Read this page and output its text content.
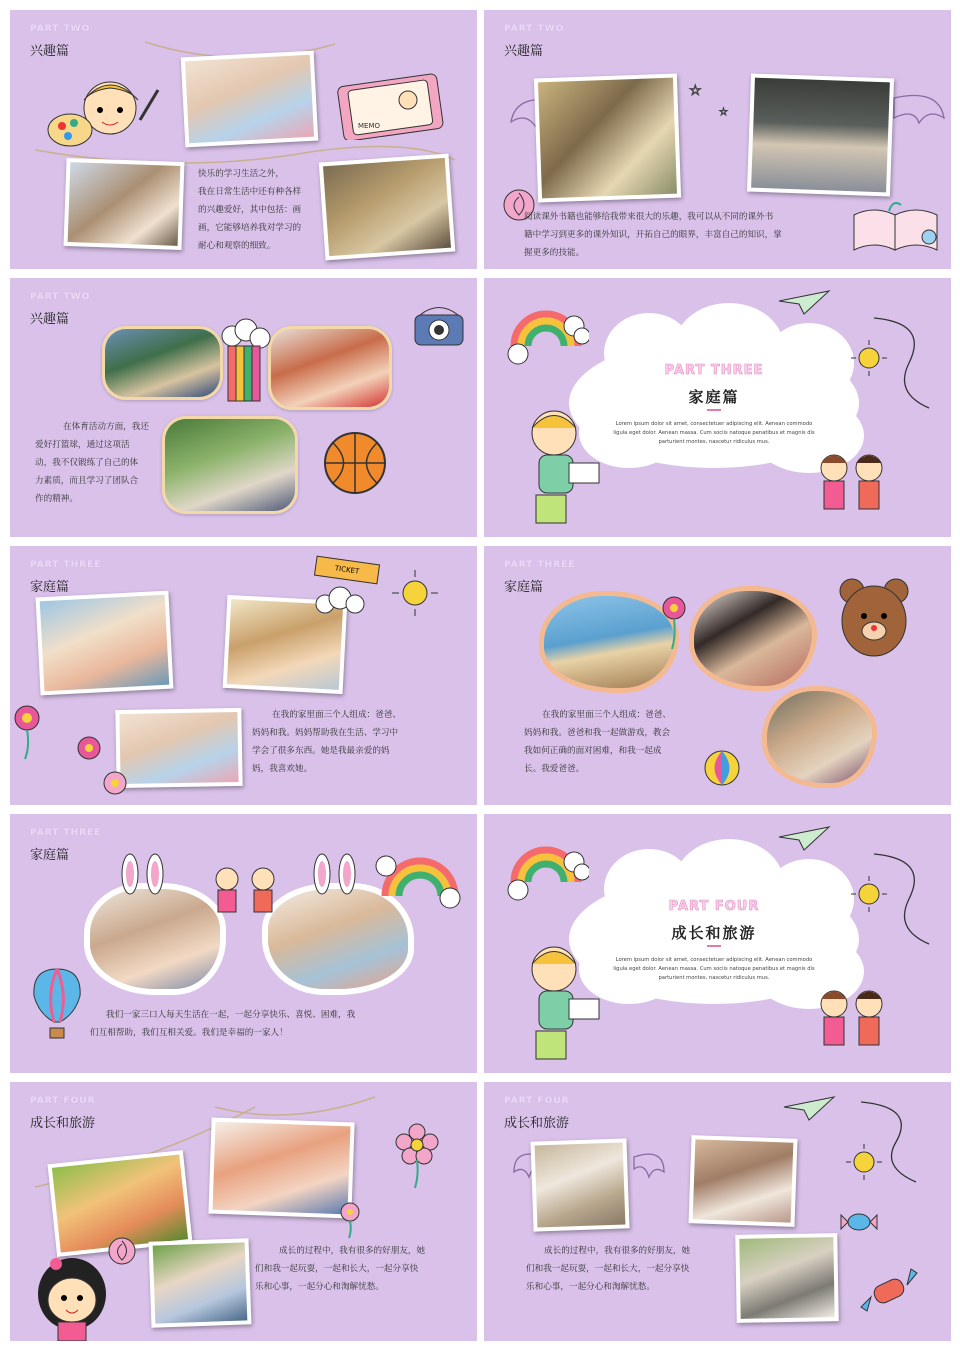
PART TWO
兴趣篇
MEMO
快乐的学习生活之外，
我在日常生活中还有种各样
的兴趣爱好，其中包括：画
画，它能够培养我对学习的
耐心和观察的细致。
PART TWO
兴趣篇
☆
☆
阅读课外书籍也能够给我带来很大的乐趣，我可以从不同的课外书
籍中学习到更多的课外知识，开拓自己的眼界，丰富自己的知识，掌
握更多的技能。
PART TWO
兴趣篇
在体育活动方面，我还
爱好打篮球，通过这项活
动，我不仅锻练了自己的体
力素质，而且学习了团队合
作的精神。
PART THREE
家庭篇
Lorem ipsum dolor sit amet, consectetuer adipiscing elit. Aenean commodo
ligula eget dolor. Aenean massa. Cum sociis natoque penatibus et magnis dis
parturient montes, nascetur ridiculus mus.
PART THREE
家庭篇
TICKET
在我的家里面三个人组成：爸爸、
妈妈和我。妈妈帮助我在生活、学习中
学会了很多东西。她是我最亲爱的妈
妈，我喜欢她。
PART THREE
家庭篇
在我的家里面三个人组成：爸爸、
妈妈和我。爸爸和我一起做游戏，教会
我如何正确的面对困难，和我一起成
长。我爱爸爸。
PART THREE
家庭篇
我们一家三口人每天生活在一起，一起分享快乐、喜悦、困难，我
们互相帮助，我们互相关爱。我们是幸福的一家人！
PART FOUR
成长和旅游
Lorem ipsum dolor sit amet, consectetuer adipiscing elit. Aenean commodo
ligula eget dolor. Aenean massa. Cum sociis natoque penatibus et magnis dis
parturient montes, nascetur ridiculus mus.
PART FOUR
成长和旅游
成长的过程中，我有很多的好朋友，她
们和我一起玩耍，一起和长大，一起分享快
乐和心事，一起分心和淘解忧愁。
PART FOUR
成长和旅游
成长的过程中，我有很多的好朋友，她
们和我一起玩耍，一起和长大，一起分享快
乐和心事，一起分心和淘解忧愁。
